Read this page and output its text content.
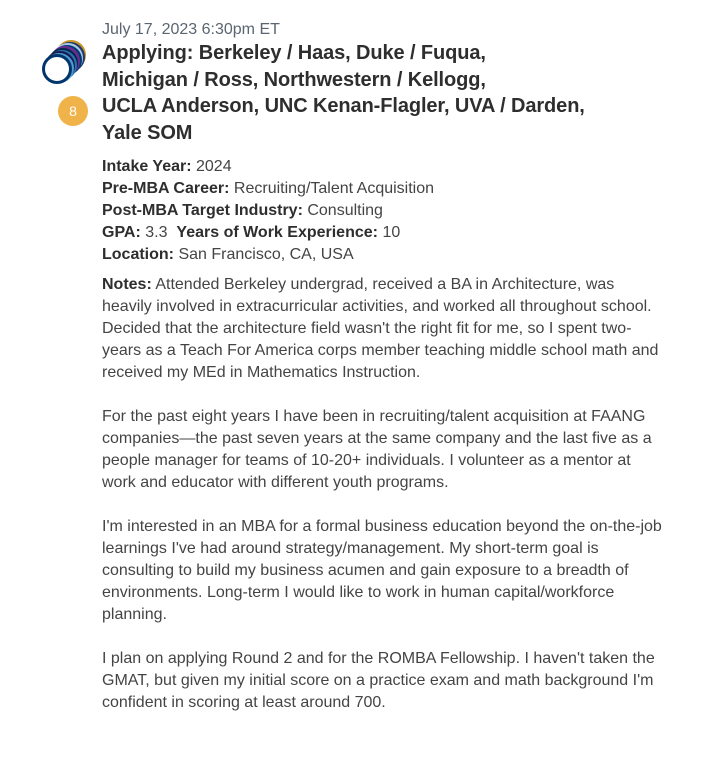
8

July 17, 2023 6:30pm ET

Applying: Berkeley / Haas, Duke / Fuqua,
Michigan / Ross, Northwestern / Kellogg,
UCLA Anderson, UNC Kenan-Flagler, UVA / Darden,
Yale SOM
Intake Year: 2024
Pre-MBA Career: Recruiting/Talent Acquisition
Post-MBA Target Industry: Consulting
GPA: 3.3 Years of Work Experience: 10
Location: San Francisco, CA, USA

Notes: Attended Berkeley undergrad, received a BA in Architecture, was heavily involved in extracurricular activities, and worked all throughout school. Decided that the architecture field wasn't the right fit for me, so I spent two-years as a Teach For America corps member teaching middle school math and received my MEd in Mathematics Instruction.

For the past eight years I have been in recruiting/talent acquisition at FAANG companies—the past seven years at the same company and the last five as a people manager for teams of 10-20+ individuals. I volunteer as a mentor at work and educator with different youth programs.

I'm interested in an MBA for a formal business education beyond the on-the-job learnings I've had around strategy/management. My short-term goal is consulting to build my business acumen and gain exposure to a breadth of environments. Long-term I would like to work in human capital/workforce planning.

I plan on applying Round 2 and for the ROMBA Fellowship. I haven't taken the GMAT, but given my initial score on a practice exam and math background I'm confident in scoring at least around 700.
